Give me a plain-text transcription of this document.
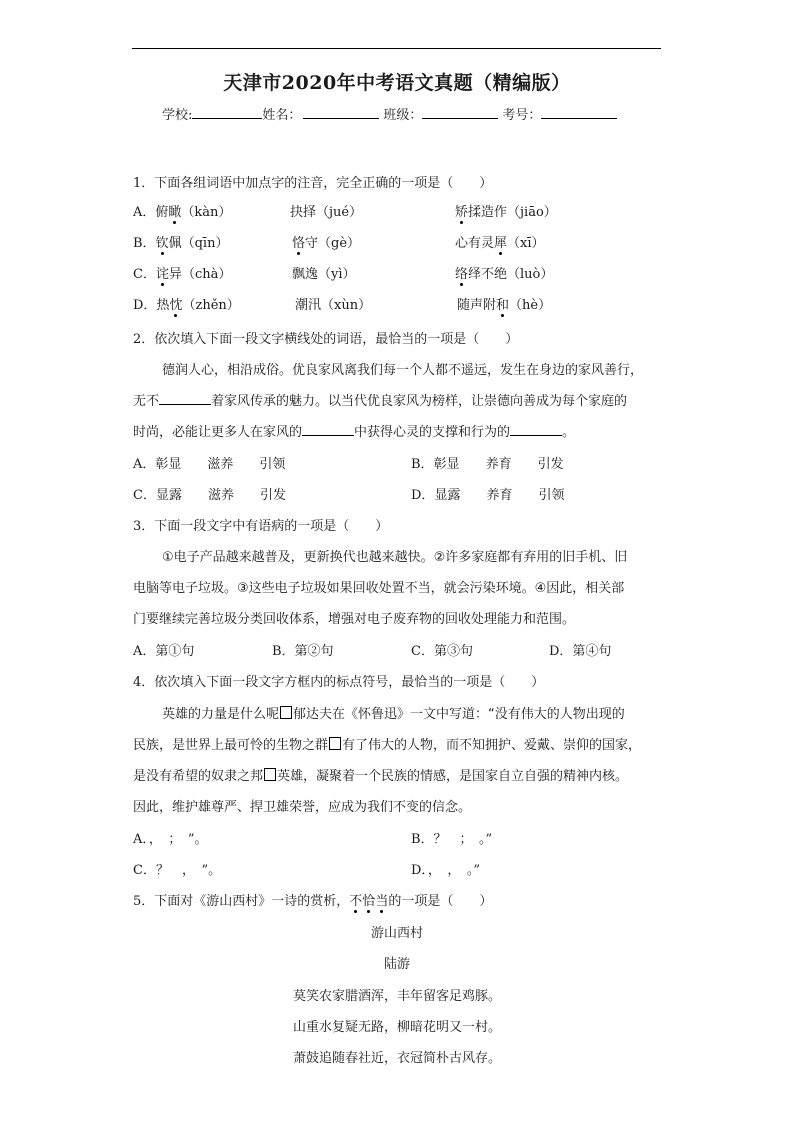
天津市2020年中考语文真题（精编版）
学校:	姓名：	班级：	考号：
1．下面各组词语中加点字的注音，完全正确的一项是（　　）
A．俯瞰（kàn）	抉择（jué）	矫揉造作（jiāo）
B．钦佩（qīn）	恪守（gè）	心有灵犀（xī）
C．诧异（chà）	飘逸（yì）	络绎不绝（luò）
D．热忱（zhěn）	潮汛（xùn）	随声附和（hè）
2．依次填入下面一段文字横线处的词语，最恰当的一项是（　　）
德润人心，相沿成俗。优良家风离我们每一个人都不遥远，发生在身边的家风善行，
无不	着家风传承的魅力。以当代优良家风为榜样，让崇德向善成为每个家庭的
时尚，必能让更多人在家风的	中获得心灵的支撑和行为的	。
A．彰显 滋养 引领	B．彰显 养育 引发
C．显露 滋养 引发	D．显露 养育 引领
3．下面一段文字中有语病的一项是（　　）
①电子产品越来越普及，更新换代也越来越快。②许多家庭都有弃用的旧手机、旧
电脑等电子垃圾。③这些电子垃圾如果回收处置不当，就会污染环境。④因此，相关部
门要继续完善垃圾分类回收体系，增强对电子废弃物的回收处理能力和范围。
A．第①句	B．第②句	C．第③句	D．第④句
4．依次填入下面一段文字方框内的标点符号，最恰当的一项是（　　）
英雄的力量是什么呢 郁达夫在《怀鲁迅》一文中写道：“没有伟大的人物出现的
民族，是世界上最可怜的生物之群 有了伟大的人物，而不知拥护、爱戴、崇仰的国家，
是没有希望的奴隶之邦 英雄，凝聚着一个民族的情感，是国家自立自强的精神内核。
因此，维护雄尊严、捍卫雄荣誉，应成为我们不变的信念。
A．，　；　”。	B．？　；　。”
C．？　，　”。	D．，　，　。”
5．下面对《游山西村》一诗的赏析，不恰当的一项是（　　）
游山西村
陆游
莫笑农家腊酒浑，丰年留客足鸡豚。
山重水复疑无路，柳暗花明又一村。
萧鼓追随春社近，衣冠简朴古风存。
